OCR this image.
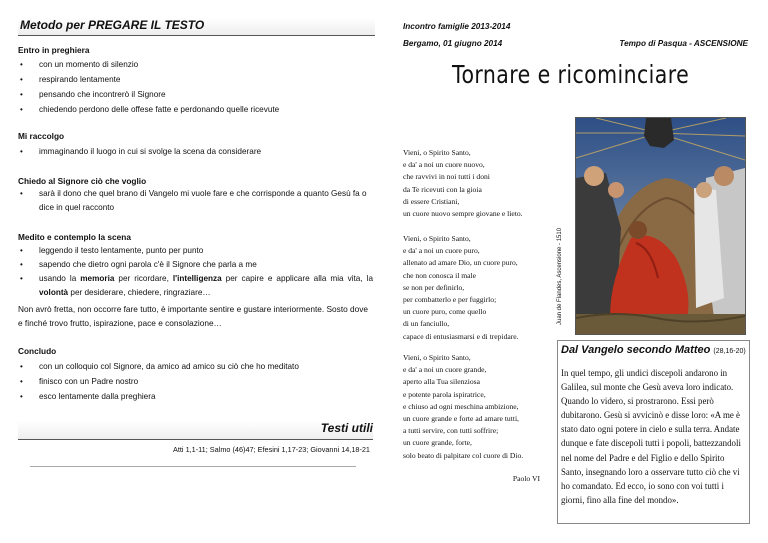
Metodo per PREGARE IL TESTO
Entro in preghiera
• con un momento di silenzio
• respirando lentamente
• pensando che incontrerò il Signore
• chiedendo perdono delle offese fatte e perdonando quelle ricevute
Mi raccolgo
• immaginando il luogo in cui si svolge la scena da considerare
Chiedo al Signore ciò che voglio
• sarà il dono che quel brano di Vangelo mi vuole fare e che corrisponde a quanto Gesù fa o dice in quel racconto
Medito e contemplo la scena
• leggendo il testo lentamente, punto per punto
• sapendo che dietro ogni parola c'è il Signore che parla a me
• usando la memoria per ricordare, l'intelligenza per capire e applicare alla mia vita, la volontà per desiderare, chiedere, ringraziare…
Non avrò fretta, non occorre fare tutto, è importante sentire e gustare interiormente. Sosto dove e finché trovo frutto, ispirazione, pace e consolazione…
Concludo
• con un colloquio col Signore, da amico ad amico su ciò che ho meditato
• finisco con un Padre nostro
• esco lentamente dalla preghiera
Testi utili
Atti 1,1-11; Salmo (46)47; Efesini 1,17-23; Giovanni 14,18-21
Incontro famiglie 2013-2014
Bergamo, 01 giugno 2014	Tempo di Pasqua - ASCENSIONE
Tornare e ricominciare
Vieni, o Spirito Santo,
e da' a noi un cuore nuovo,
che ravvivi in noi tutti i doni
da Te ricevuti con la gioia
di essere Cristiani,
un cuore nuovo sempre giovane e lieto.
Vieni, o Spirito Santo,
e da' a noi un cuore puro,
allenato ad amare Dio, un cuore puro,
che non conosca il male
se non per definirlo,
per combatterlo e per fuggirlo;
un cuore puro, come quello
di un fanciullo,
capace di entusiasmarsi e di trepidare.
Vieni, o Spirito Santo,
e da' a noi un cuore grande,
aperto alla Tua silenziosa
e potente parola ispiratrice,
e chiuso ad ogni meschina ambizione,
un cuore grande e forte ad amare tutti,
a tutti servire, con tutti soffrire;
un cuore grande, forte,
solo beato di palpitare col cuore di Dio.
Paolo VI
Juan de Flandes, Ascensione - 1510
Dal Vangelo secondo Matteo (28,16-20)
In quel tempo, gli undici discepoli andarono in Galilea, sul monte che Gesù aveva loro indicato. Quando lo videro, si prostrarono. Essi però dubitarono. Gesù si avvicinò e disse loro: «A me è stato dato ogni potere in cielo e sulla terra. Andate dunque e fate discepoli tutti i popoli, battezzandoli nel nome del Padre e del Figlio e dello Spirito Santo, insegnando loro a osservare tutto ciò che vi ho comandato. Ed ecco, io sono con voi tutti i giorni, fino alla fine del mondo».
